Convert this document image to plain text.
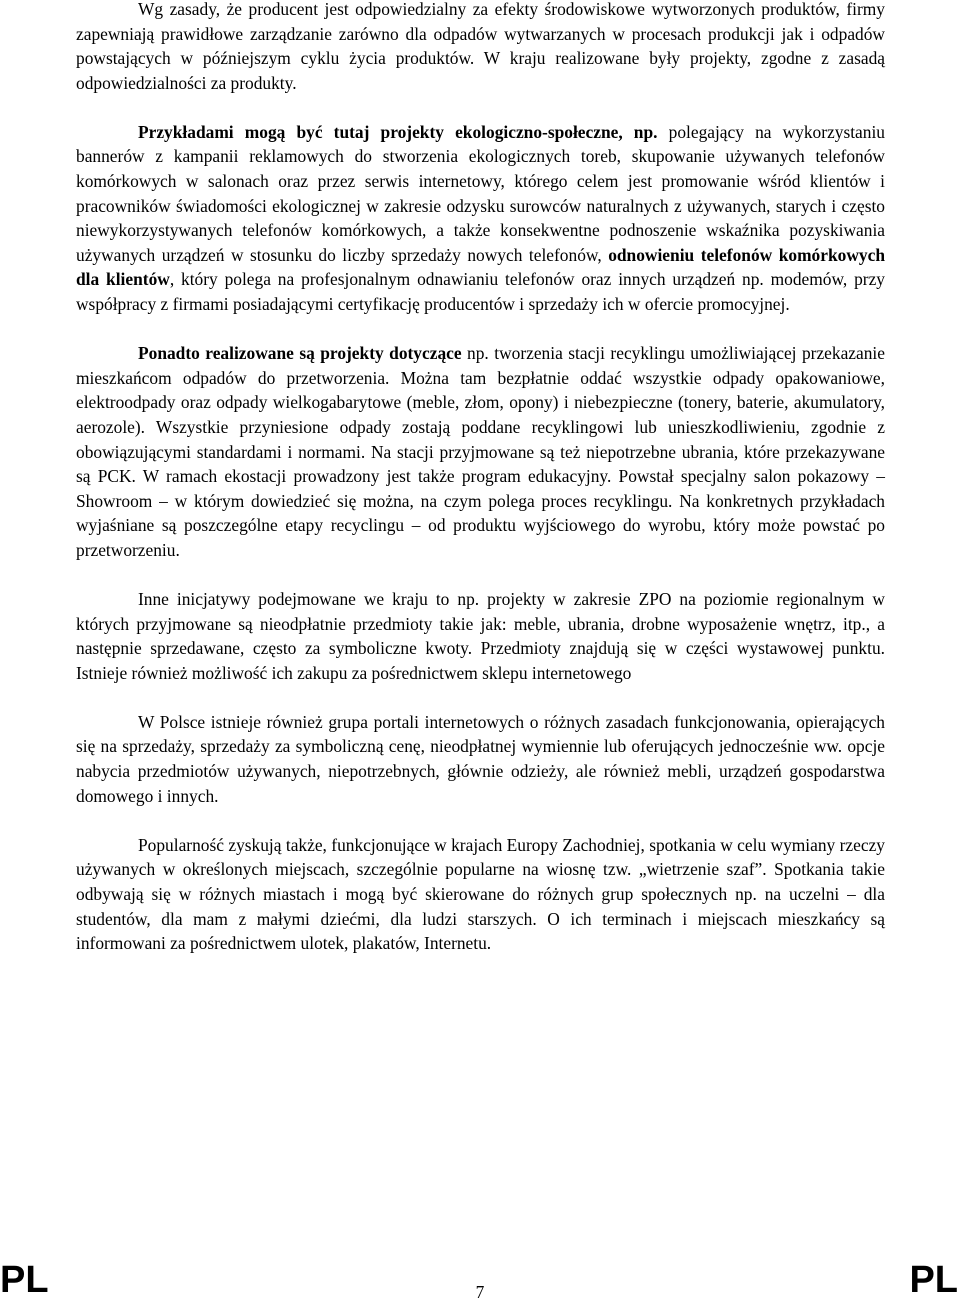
Wg zasady, że producent jest odpowiedzialny za efekty środowiskowe wytworzonych produktów, firmy zapewniają prawidłowe zarządzanie zarówno dla odpadów wytwarzanych w procesach produkcji jak i odpadów powstających w późniejszym cyklu życia produktów. W kraju realizowane były projekty, zgodne z zasadą odpowiedzialności za produkty.

Przykładami mogą być tutaj projekty ekologiczno-społeczne, np. polegający na wykorzystaniu bannerów z kampanii reklamowych do stworzenia ekologicznych toreb, skupowanie używanych telefonów komórkowych w salonach oraz przez serwis internetowy, którego celem jest promowanie wśród klientów i pracowników świadomości ekologicznej w zakresie odzysku surowców naturalnych z używanych, starych i często niewykorzystywanych telefonów komórkowych, a także konsekwentne podnoszenie wskaźnika pozyskiwania używanych urządzeń w stosunku do liczby sprzedaży nowych telefonów, odnowieniu telefonów komórkowych dla klientów, który polega na profesjonalnym odnawianiu telefonów oraz innych urządzeń np. modemów, przy współpracy z firmami posiadającymi certyfikację producentów i sprzedaży ich w ofercie promocyjnej.

Ponadto realizowane są projekty dotyczące np. tworzenia stacji recyklingu umożliwiającej przekazanie mieszkańcom odpadów do przetworzenia. Można tam bezpłatnie oddać wszystkie odpady opakowaniowe, elektroodpady oraz odpady wielkogabarytowe (meble, złom, opony) i niebezpieczne (tonery, baterie, akumulatory, aerozole). Wszystkie przyniesione odpady zostają poddane recyklingowi lub unieszkodliwieniu, zgodnie z obowiązującymi standardami i normami. Na stacji przyjmowane są też niepotrzebne ubrania, które przekazywane są PCK. W ramach ekostacji prowadzony jest także program edukacyjny. Powstał specjalny salon pokazowy – Showroom – w którym dowiedzieć się można, na czym polega proces recyklingu. Na konkretnych przykładach wyjaśniane są poszczególne etapy recyclingu – od produktu wyjściowego do wyrobu, który może powstać po przetworzeniu.

Inne inicjatywy podejmowane we kraju to np. projekty w zakresie ZPO na poziomie regionalnym w których przyjmowane są nieodpłatnie przedmioty takie jak: meble, ubrania, drobne wyposażenie wnętrz, itp., a następnie sprzedawane, często za symboliczne kwoty. Przedmioty znajdują się w części wystawowej punktu. Istnieje również możliwość ich zakupu za pośrednictwem sklepu internetowego

W Polsce istnieje również grupa portali internetowych o różnych zasadach funkcjonowania, opierających się na sprzedaży, sprzedaży za symboliczną cenę, nieodpłatnej wymiennie lub oferujących jednocześnie ww. opcje nabycia przedmiotów używanych, niepotrzebnych, głównie odzieży, ale również mebli, urządzeń gospodarstwa domowego i innych.

Popularność zyskują także, funkcjonujące w krajach Europy Zachodniej, spotkania w celu wymiany rzeczy używanych w określonych miejscach, szczególnie popularne na wiosnę tzw. „wietrzenie szaf”. Spotkania takie odbywają się w różnych miastach i mogą być skierowane do różnych grup społecznych np. na uczelni – dla studentów, dla mam z małymi dziećmi, dla ludzi starszych. O ich terminach i miejscach mieszkańcy są informowani za pośrednictwem ulotek, plakatów, Internetu.

PL	7	PL
